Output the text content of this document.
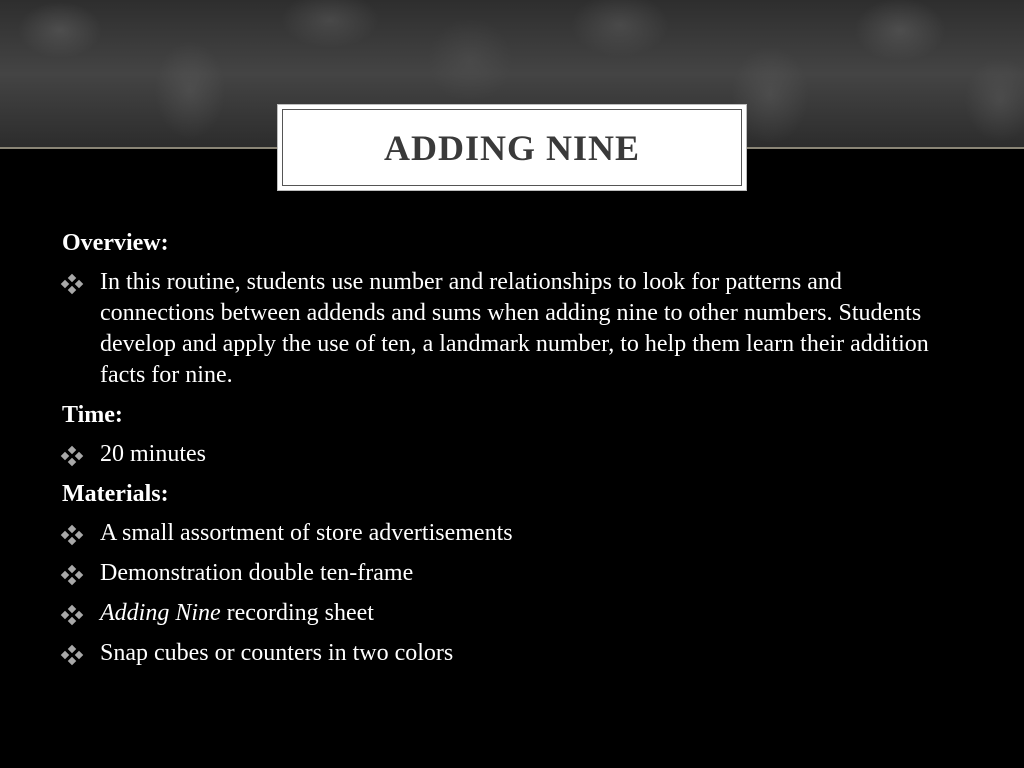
ADDING NINE
Overview:
In this routine, students use number and relationships to look for patterns and connections between addends and sums when adding nine to other numbers. Students develop and apply the use of ten, a landmark number, to help them learn their addition facts for nine.
Time:
20 minutes
Materials:
A small assortment of store advertisements
Demonstration double ten-frame
Adding Nine recording sheet
Snap cubes or counters in two colors
